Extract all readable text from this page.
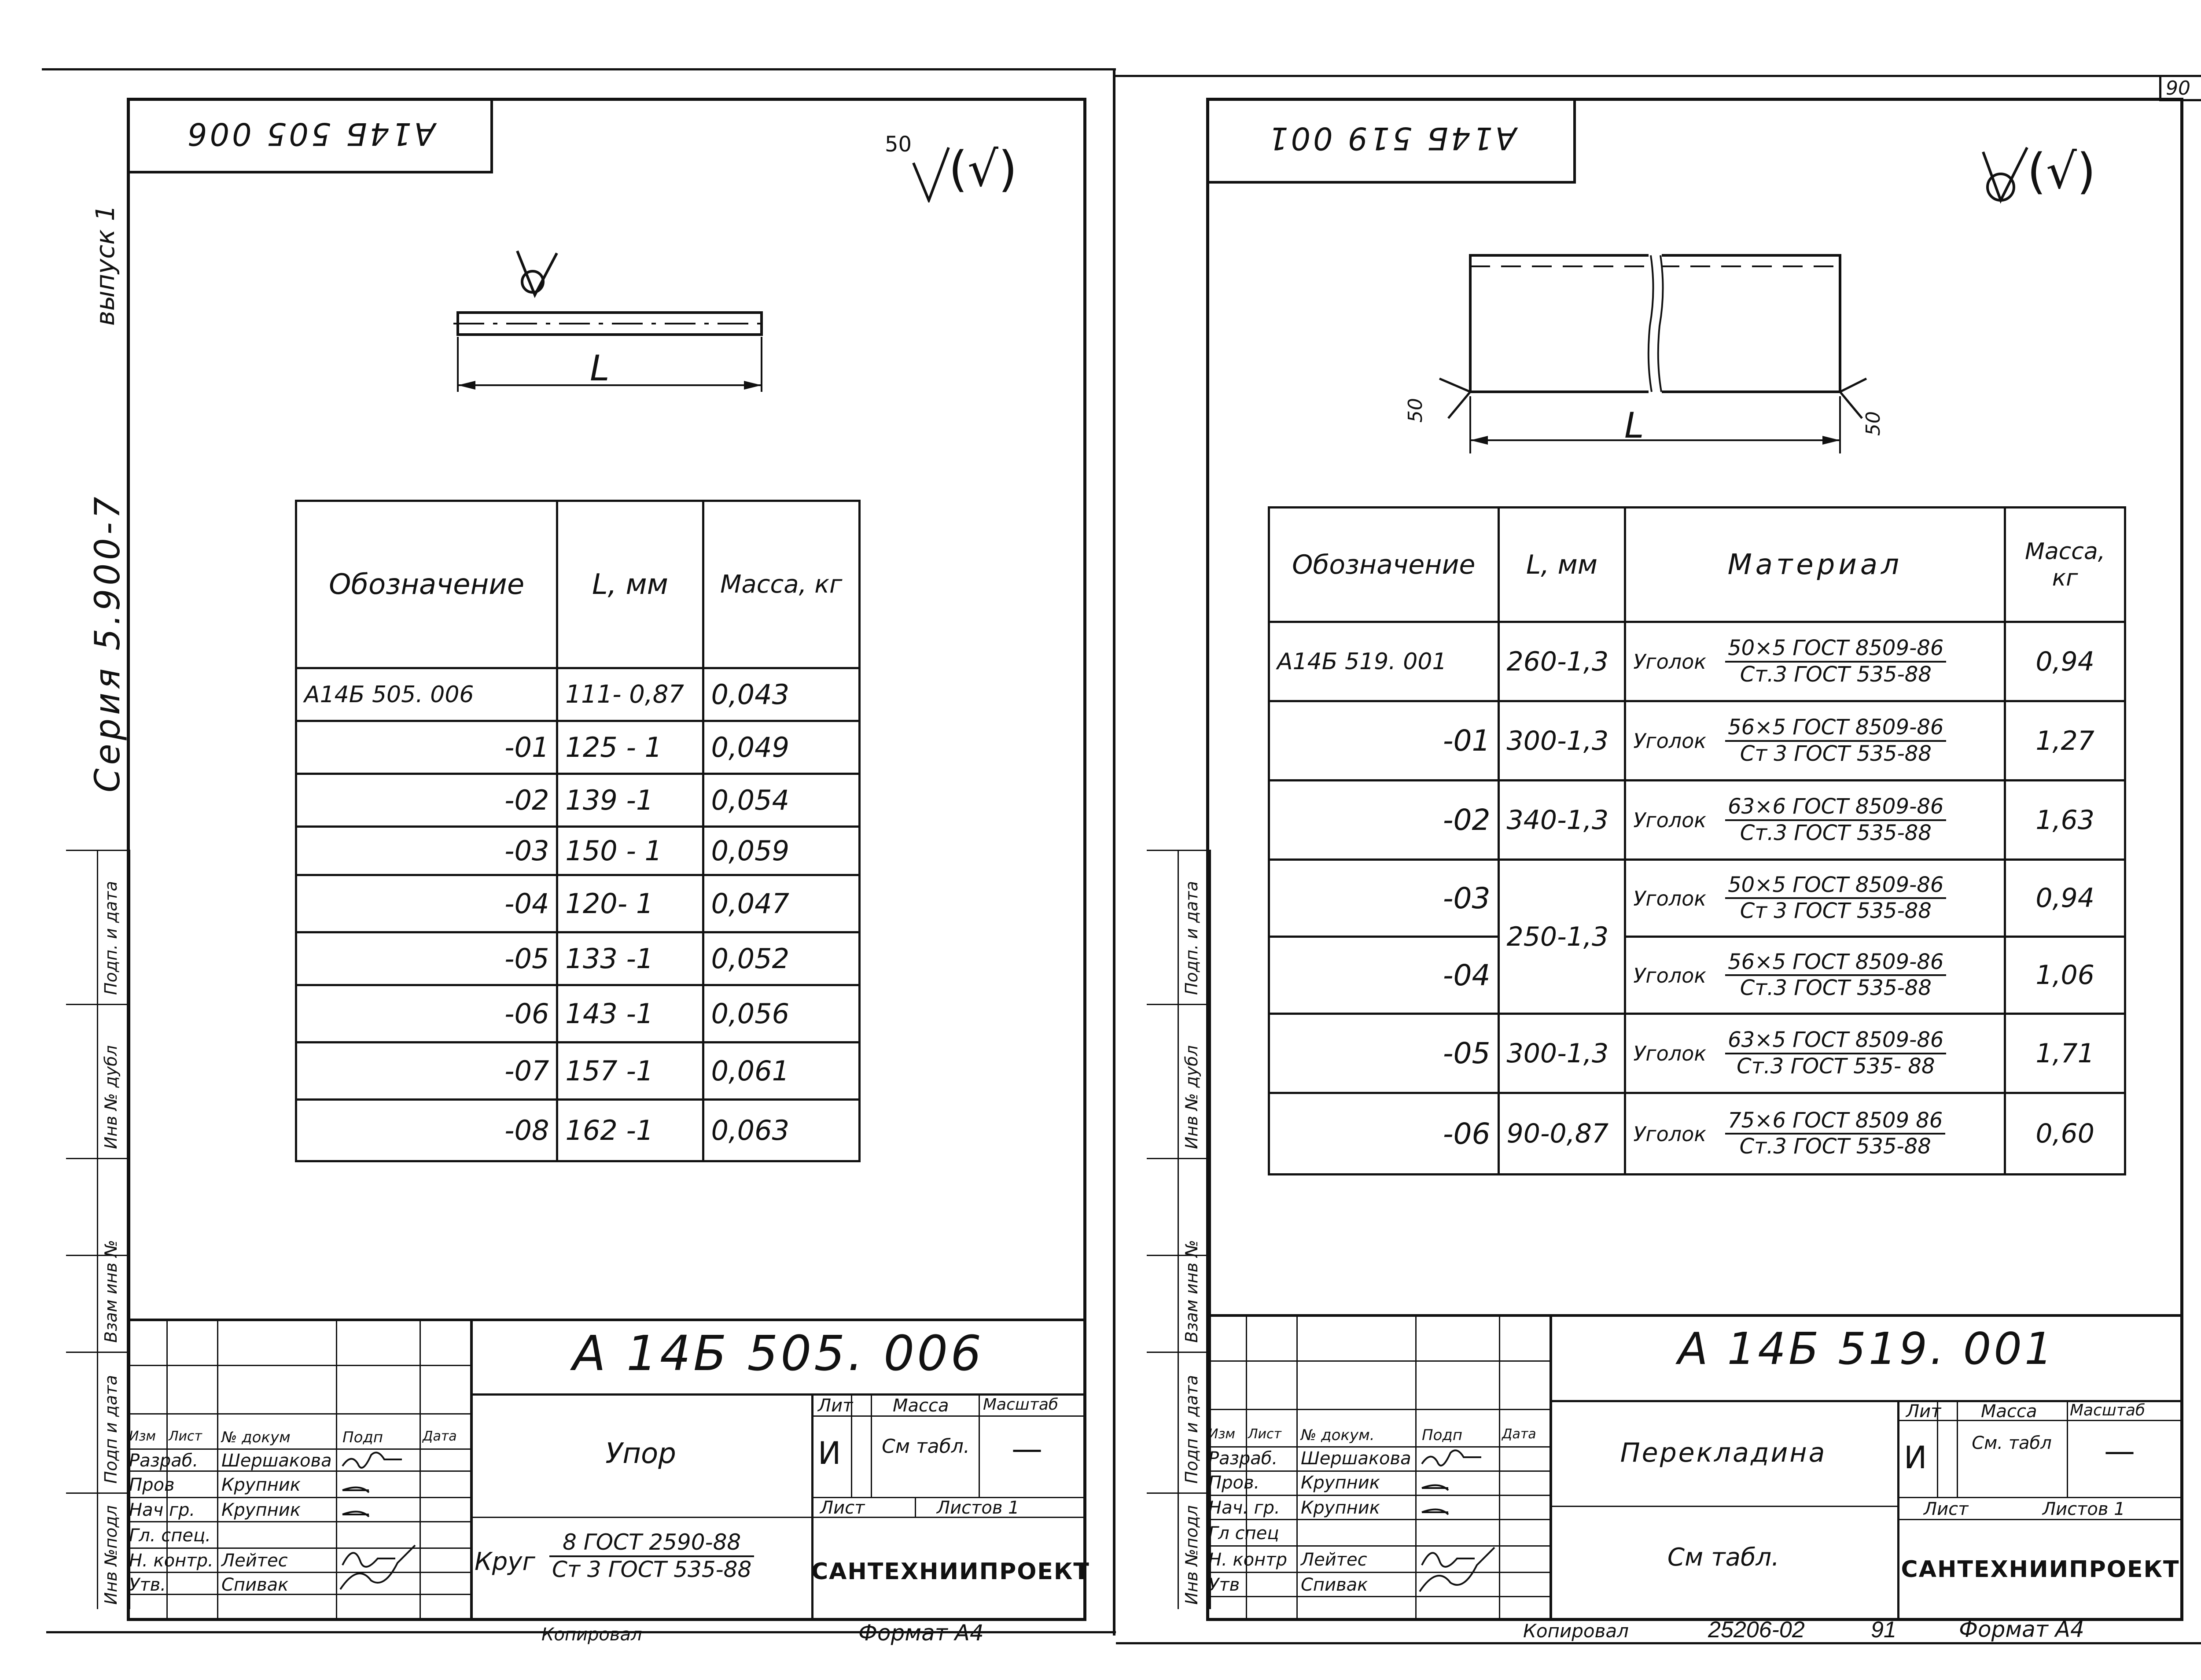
90
выпуск 1
Серия 5.900-7
Подп. и дата
Инв № дубл
Взам инв №
Подп и дата
Инв №подл
А14Б 505 006	50 (√)
L
Обозначение	L, мм	Масса, кг
А14Б 505. 006	111- 0,87	0,043
-01	125 - 1	0,049
-02	139 -1	0,054
-03	150 - 1	0,059
-04	120- 1	0,047
-05	133 -1	0,052
-06	143 -1	0,056
-07	157 -1	0,061
-08	162 -1	0,063
Изм Лист № докум	Подп	Дата
Разраб. Шершакова
Пров	Крупник
Нач гр. Крупник
Гл. спец.
Н. контр. Лейтес
Утв.	Спивак
А 14Б 505. 006
Упор
Круг
8 ГОСТ 2590-88
Ст 3 ГОСТ 535-88
Лит Масса Масштаб
И	См табл. —
Лист	Листов 1
САНТЕХНИИПРОЕКТ
Копировал	Формат А4
Подп. и дата
Инв № дубл
Взам инв №
Подп и дата
Инв №подл
А14Б 519 001
(√)
L
50
50
Обозначение	L, мм	Материал	Масса, кг
А14Б 519. 001	260-1,3	Уголок $\frac{\text{50×5 ГОСТ 8509-86}}{\text{Ст.3 ГОСТ 535-88}}$	0,94
-01	300-1,3	Уголок $\frac{\text{56×5 ГОСТ 8509-86}}{\text{Ст 3 ГОСТ 535-88}}$	1,27
-02	340-1,3	Уголок $\frac{\text{63×6 ГОСТ 8509-86}}{\text{Ст.3 ГОСТ 535-88}}$	1,63
-03	250-1,3	Уголок $\frac{\text{50×5 ГОСТ 8509-86}}{\text{Ст 3 ГОСТ 535-88}}$	0,94
-04		Уголок $\frac{\text{56×5 ГОСТ 8509-86}}{\text{Ст.3 ГОСТ 535-88}}$	1,06
-05	300-1,3	Уголок $\frac{\text{63×5 ГОСТ 8509-86}}{\text{Ст.3 ГОСТ 535- 88}}$	1,71
-06	90-0,87	Уголок $\frac{\text{75×6 ГОСТ 8509 86}}{\text{Ст.3 ГОСТ 535-88}}$	0,60
Изм Лист № докум.	Подп	Дата
Разраб. Шершакова
Пров. Крупник
Нач. гр. Крупник
Гл спец
Н. контр Лейтес
Утв	Спивак
А 14Б 519. 001
Перекладина
См табл.
Лит Масса Масштаб
И	См. табл	—
Лист	Листов 1
САНТЕХНИИПРОЕКТ
Копировал	25206-02	91	Формат А4
